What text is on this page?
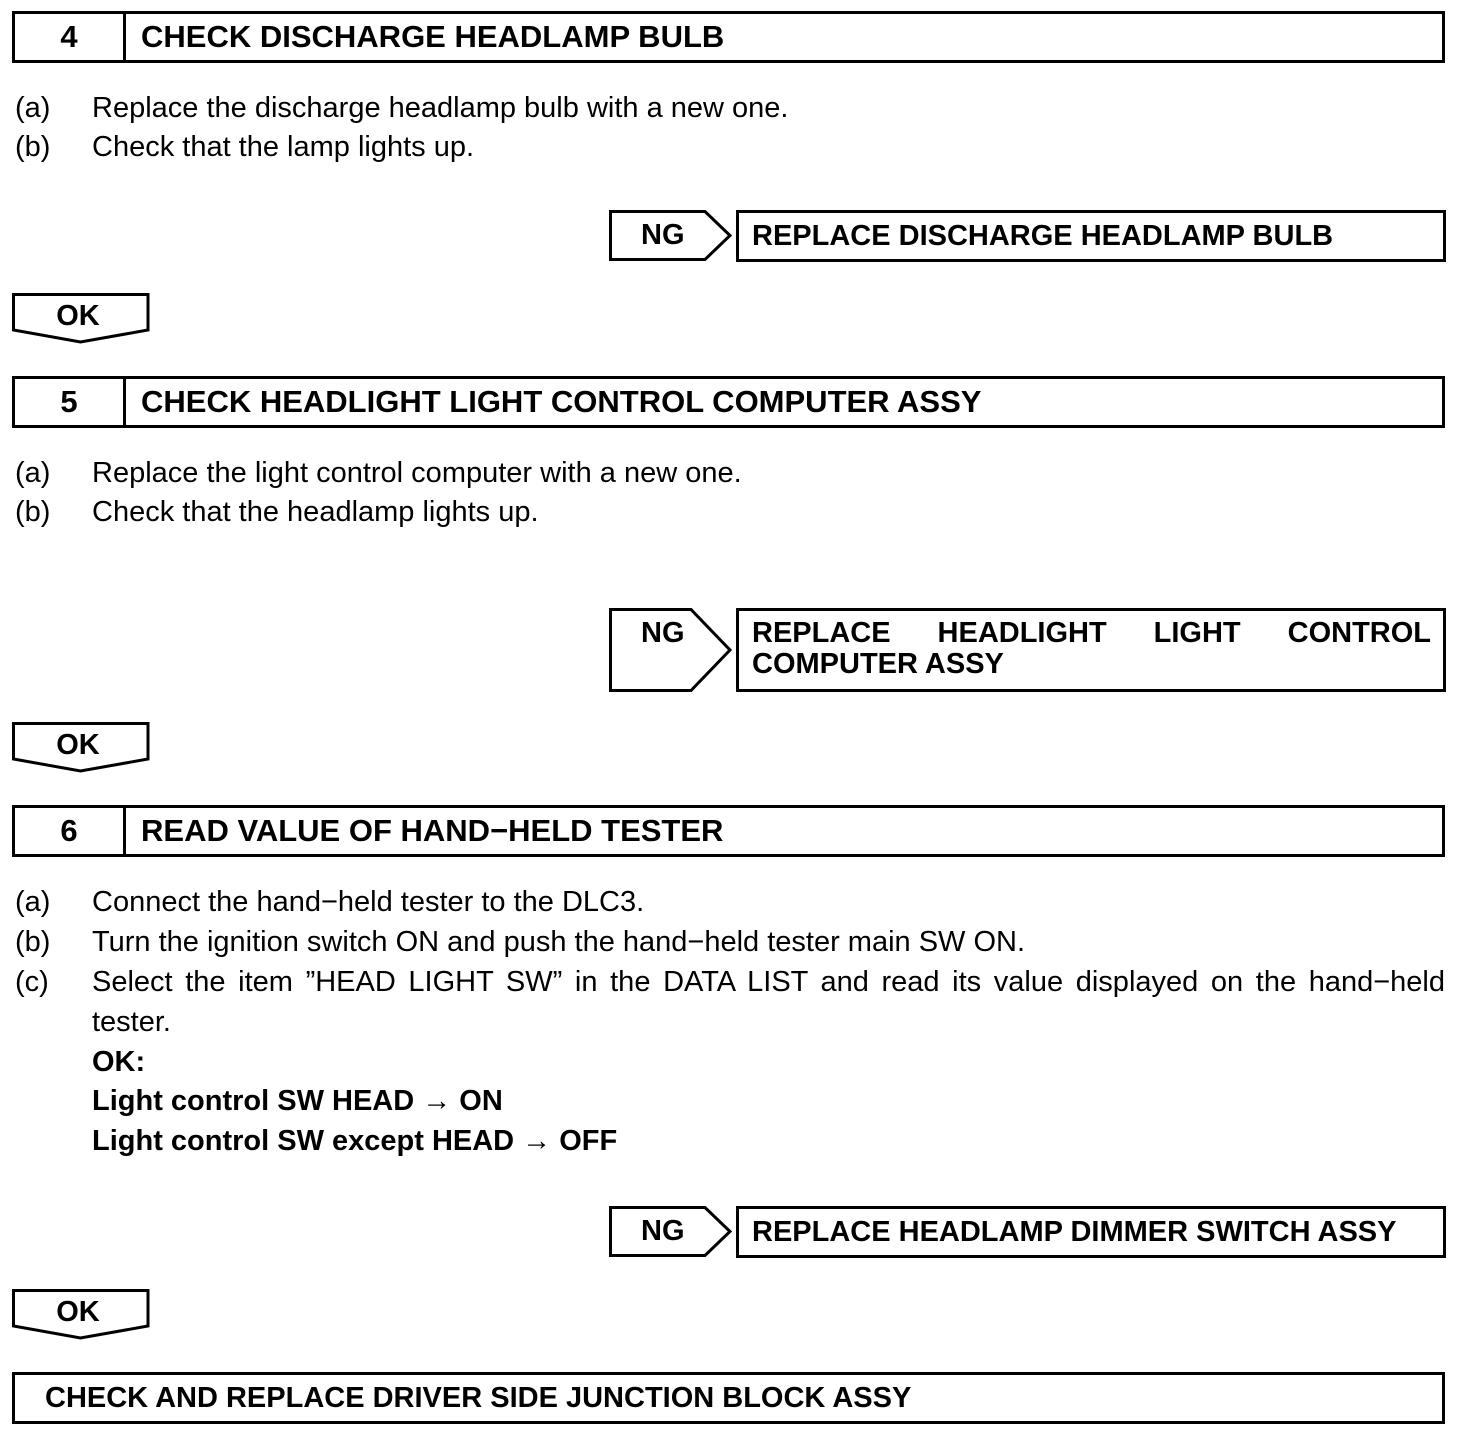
4	CHECK DISCHARGE HEADLAMP BULB
(a) Replace the discharge headlamp bulb with a new one.
(b) Check that the lamp lights up.
NG REPLACE DISCHARGE HEADLAMP BULB
OK
5	CHECK HEADLIGHT LIGHT CONTROL COMPUTER ASSY
(a) Replace the light control computer with a new one.
(b) Check that the headlamp lights up.
NG REPLACE HEADLIGHT LIGHT CONTROL
COMPUTER ASSY
OK
6	READ VALUE OF HAND−HELD TESTER
(a) Connect the hand−held tester to the DLC3.
(b) Turn the ignition switch ON and push the hand−held tester main SW ON.
(c) Select the item ”HEAD LIGHT SW” in the DATA LIST and read its value displayed on the hand−held
tester.
OK:
Light control SW HEAD → ON
Light control SW except HEAD → OFF
NG REPLACE HEADLAMP DIMMER SWITCH ASSY
OK
CHECK AND REPLACE DRIVER SIDE JUNCTION BLOCK ASSY
